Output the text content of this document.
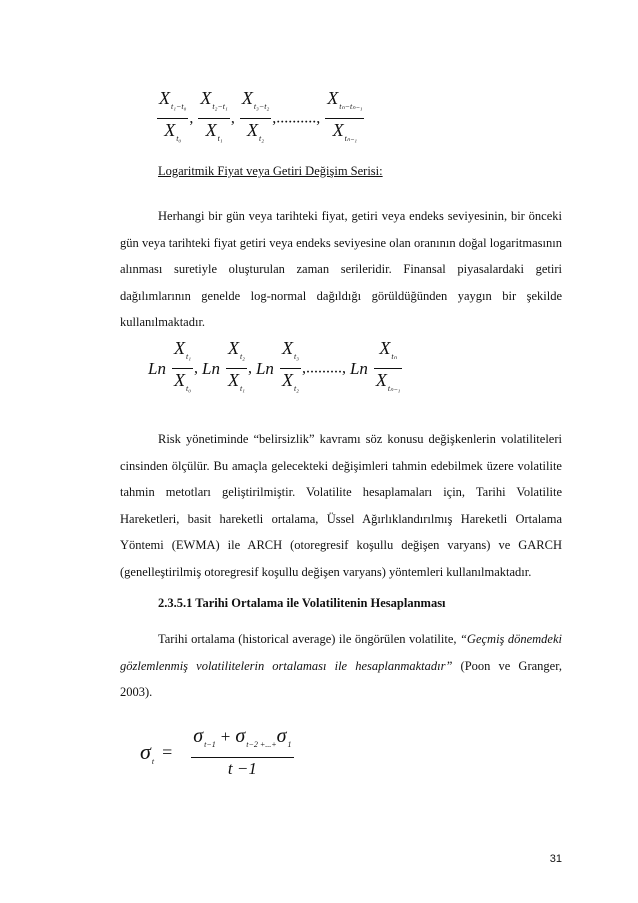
$\frac{X_{t_1-t_0}}{X_{t_0}}$ , $\frac{X_{t_2-t_1}}{X_{t_1}}$ , $\frac{X_{t_3-t_2}}{X_{t_2}}$ ,.........., $\frac{X_{t_n-t_{n-1}}}{X_{t_{n-1}}}$
Logaritmik Fiyat veya Getiri Değişim Serisi:
Herhangi bir gün veya tarihteki fiyat, getiri veya endeks seviyesinin, bir önceki gün veya tarihteki fiyat getiri veya endeks seviyesine olan oranının doğal logaritmasının alınması suretiyle oluşturulan zaman serileridir. Finansal piyasalardaki getiri dağılımlarının genelde log-normal dağıldığı görüldüğünden yaygın bir şekilde kullanılmaktadır.
Ln $\frac{X_{t_1}}{X_{t_0}}$ , Ln $\frac{X_{t_2}}{X_{t_1}}$ , Ln $\frac{X_{t_3}}{X_{t_2}}$ ,........., Ln $\frac{X_{t_n}}{X_{t_{n-1}}}$
Risk yönetiminde “belirsizlik” kavramı söz konusu değişkenlerin volatiliteleri cinsinden ölçülür. Bu amaçla gelecekteki değişimleri tahmin edebilmek üzere volatilite tahmin metotları geliştirilmiştir. Volatilite hesaplamaları için, Tarihi Volatilite Hareketleri, basit hareketli ortalama, Üssel Ağırlıklandırılmış Hareketli Ortalama Yöntemi (EWMA) ile ARCH (otoregresif koşullu değişen varyans) ve GARCH (genelleştirilmiş otoregresif koşullu değişen varyans) yöntemleri kullanılmaktadır.
2.3.5.1 Tarihi Ortalama ile Volatilitenin Hesaplanması
Tarihi ortalama (historical average) ile öngörülen volatilite, “Geçmiş dönemdeki gözlemlenmiş volatilitelerin ortalaması ile hesaplanmaktadır” (Poon ve Granger, 2003).
$\sigma_t = \frac{\sigma_{t-1} + \sigma_{t-2 +...+}\sigma_1}{t -1}$
31
